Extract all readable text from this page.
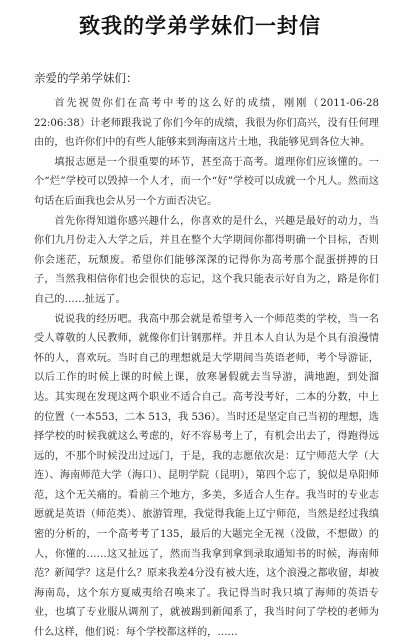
致我的学弟学妹们一封信
亲爱的学弟学妹们：

首先祝贺你们在高考中考的这么好的成绩，刚刚（2011-06-28 22:06:38）计老师跟我说了你们今年的成绩，我很为你们高兴，没有任何理由的，也许你们中的有些人能够来到海南这片土地，我能够见到各位大神。

填报志愿是一个很重要的环节，甚至高于高考。道理你们应该懂的。一个“烂”学校可以毁掉一个人才，而一个“好”学校可以成就一个凡人。然而这句话在后面我也会从另一个方面否决它。

首先你得知道你感兴趣什么，你喜欢的是什么，兴趣是最好的动力，当你们九月份走入大学之后，并且在整个大学期间你都得明确一个目标，否则你会迷茫，玩颓废。希望你们能够深深的记得你为高考那个混蛋拼搏的日子，当然我相信你们也会很快的忘记，这个我只能表示好自为之，路是你们自己的……扯远了。

说说我的经历吧。我高中那会就是希望考入一个师范类的学校，当一名受人尊敬的人民教师，就像你们计钢那样。并且本人自认为是个具有浪漫情怀的人，喜欢玩。当时自己的理想就是大学期间当英语老师，考个导游证，以后工作的时候上课的时候上课，放寒暑假就去当导游，满地跑，到处溜达。其实现在发现这两个职业不适合自己。高考没考好，二本的分数，中上的位置（一本553，二本 513，我 536）。当时还是坚定自己当初的理想，选择学校的时候我就这么考虑的，好不容易考上了，有机会出去了，得跑得远远的，不那个时候没出过远门，于是，我的志愿依次是：辽宁师范大学（大连）、海南师范大学（海口）、昆明学院（昆明），第四个忘了，貌似是阜阳师范，这个无关痛的。看前三个地方，多美，多适合人生存。我当时的专业志愿就是英语（师范类）、旅游管理，我觉得我能上辽宁师范，当然是经过我缜密的分析的，一个高考考了135，最后的大题完全无视（没做，不想做）的人，你懂的……这又扯远了，然而当我拿到拿到录取通知书的时候，海南师范？新闻学？这是什么？原来我差4分没有被大连，这个浪漫之都收留，却被海南岛，这个东方夏威夷给召唤来了。我记得当时我只填了海师的英语专业，也填了专业服从调剂了，就被踢到新闻系了，我当时问了学校的老师为什么这样，他们说：每个学校都这样的，……
